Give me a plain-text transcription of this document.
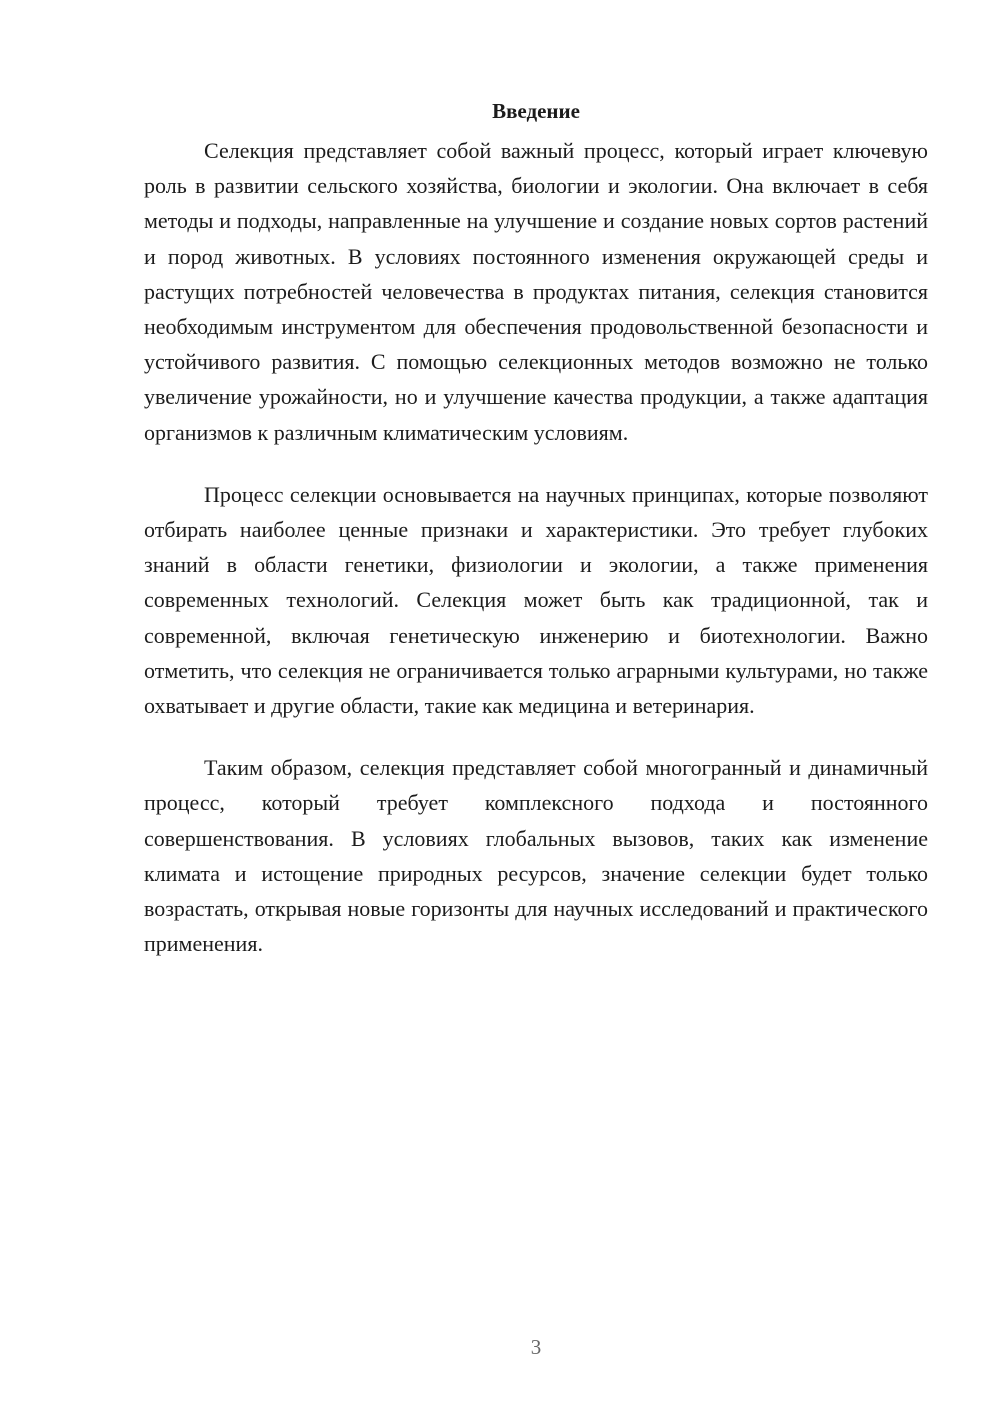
Введение

Селекция представляет собой важный процесс, который играет ключевую роль в развитии сельского хозяйства, биологии и экологии. Она включает в себя методы и подходы, направленные на улучшение и создание новых сортов растений и пород животных. В условиях постоянного изменения окружающей среды и растущих потребностей человечества в продуктах питания, селекция становится необходимым инструментом для обеспечения продовольственной безопасности и устойчивого развития. С помощью селекционных методов возможно не только увеличение урожайности, но и улучшение качества продукции, а также адаптация организмов к различным климатическим условиям.

Процесс селекции основывается на научных принципах, которые позволяют отбирать наиболее ценные признаки и характеристики. Это требует глубоких знаний в области генетики, физиологии и экологии, а также применения современных технологий. Селекция может быть как традиционной, так и современной, включая генетическую инженерию и биотехнологии. Важно отметить, что селекция не ограничивается только аграрными культурами, но также охватывает и другие области, такие как медицина и ветеринария.

Таким образом, селекция представляет собой многогранный и динамичный процесс, который требует комплексного подхода и постоянного совершенствования. В условиях глобальных вызовов, таких как изменение климата и истощение природных ресурсов, значение селекции будет только возрастать, открывая новые горизонты для научных исследований и практического применения.

3
